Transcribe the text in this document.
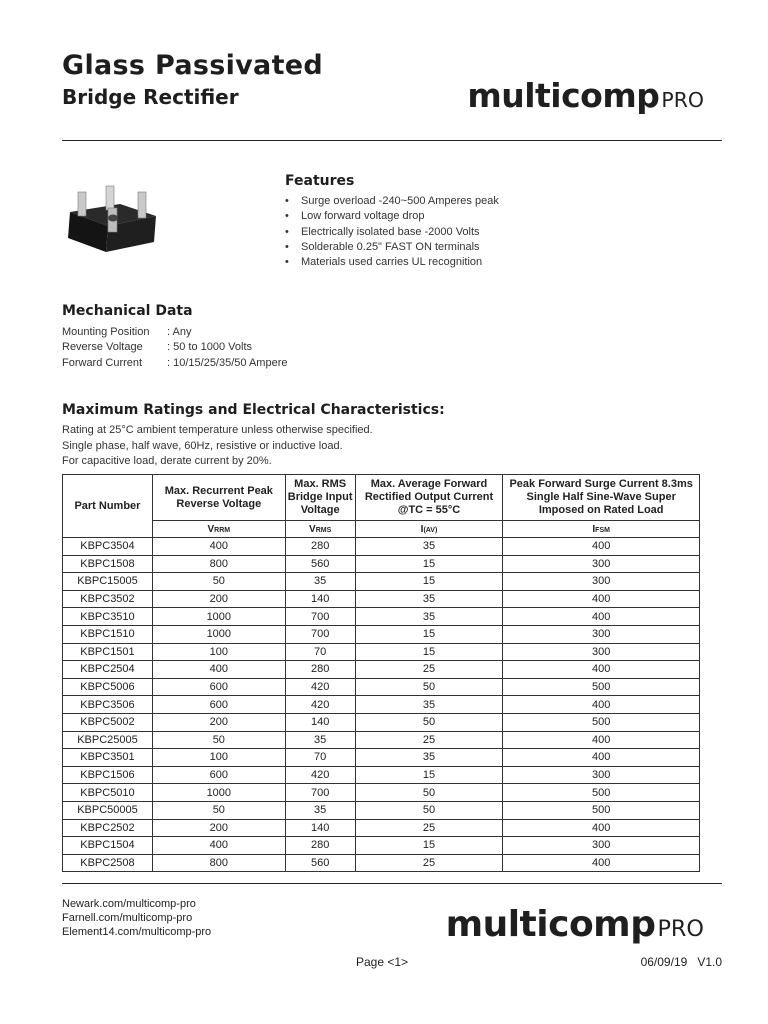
Glass Passivated
Bridge Rectifier	multicompPRO
Features
• Surge overload -240~500 Amperes peak
• Low forward voltage drop
• Electrically isolated base -2000 Volts
• Solderable 0.25" FAST ON terminals
• Materials used carries UL recognition
Mechanical Data
Mounting Position	: Any
Reverse Voltage	: 50 to 1000 Volts
Forward Current	: 10/15/25/35/50 Ampere
Maximum Ratings and Electrical Characteristics:
Rating at 25°C ambient temperature unless otherwise specified.
Single phase, half wave, 60Hz, resistive or inductive load.
For capacitive load, derate current by 20%.
Part Number	Max. Recurrent Peak Reverse Voltage	Max. RMS Bridge Input Voltage	Max. Average Forward Rectified Output Current @TC = 55°C	Peak Forward Surge Current 8.3ms Single Half Sine-Wave Super Imposed on Rated Load
	VRRM	VRMS	I(AV)	IFSM
KBPC3504	400	280	35	400
KBPC1508	800	560	15	300
KBPC15005	50	35	15	300
KBPC3502	200	140	35	400
KBPC3510	1000	700	35	400
KBPC1510	1000	700	15	300
KBPC1501	100	70	15	300
KBPC2504	400	280	25	400
KBPC5006	600	420	50	500
KBPC3506	600	420	35	400
KBPC5002	200	140	50	500
KBPC25005	50	35	25	400
KBPC3501	100	70	35	400
KBPC1506	600	420	15	300
KBPC5010	1000	700	50	500
KBPC50005	50	35	50	500
KBPC2502	200	140	25	400
KBPC1504	400	280	15	300
KBPC2508	800	560	25	400
Newark.com/multicomp-pro
Farnell.com/multicomp-pro
Element14.com/multicomp-pro	multicompPRO
Page <1>	06/09/19 V1.0
